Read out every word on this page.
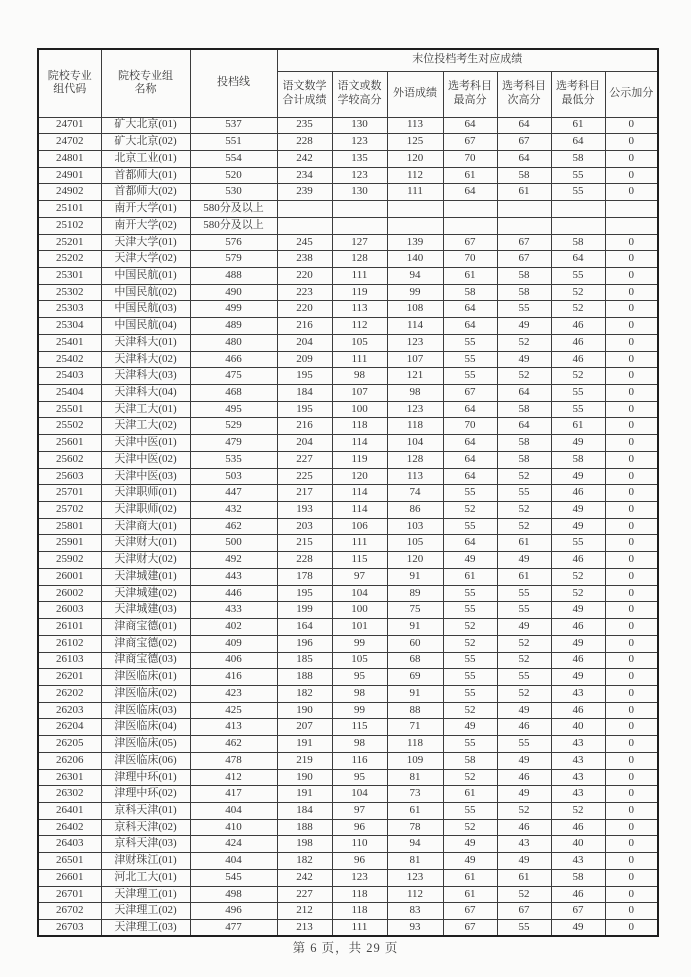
院校专业组代码	院校专业组名称	投档线	末位投档考生对应成绩						
			语文数学合计成绩	语文或数学较高分	外语成绩	选考科目最高分	选考科目次高分	选考科目最低分	公示加分
24701	矿大北京(01)	537	235	130	113	64	64	61	0
24702	矿大北京(02)	551	228	123	125	67	67	64	0
24801	北京工业(01)	554	242	135	120	70	64	58	0
24901	首都师大(01)	520	234	123	112	61	58	55	0
24902	首都师大(02)	530	239	130	111	64	61	55	0
25101	南开大学(01)	580分及以上							
25102	南开大学(02)	580分及以上							
25201	天津大学(01)	576	245	127	139	67	67	58	0
25202	天津大学(02)	579	238	128	140	70	67	64	0
25301	中国民航(01)	488	220	111	94	61	58	55	0
25302	中国民航(02)	490	223	119	99	58	58	52	0
25303	中国民航(03)	499	220	113	108	64	55	52	0
25304	中国民航(04)	489	216	112	114	64	49	46	0
25401	天津科大(01)	480	204	105	123	55	52	46	0
25402	天津科大(02)	466	209	111	107	55	49	46	0
25403	天津科大(03)	475	195	98	121	55	52	52	0
25404	天津科大(04)	468	184	107	98	67	64	55	0
25501	天津工大(01)	495	195	100	123	64	58	55	0
25502	天津工大(02)	529	216	118	118	70	64	61	0
25601	天津中医(01)	479	204	114	104	64	58	49	0
25602	天津中医(02)	535	227	119	128	64	58	58	0
25603	天津中医(03)	503	225	120	113	64	52	49	0
25701	天津职师(01)	447	217	114	74	55	55	46	0
25702	天津职师(02)	432	193	114	86	52	52	49	0
25801	天津商大(01)	462	203	106	103	55	52	49	0
25901	天津财大(01)	500	215	111	105	64	61	55	0
25902	天津财大(02)	492	228	115	120	49	49	46	0
26001	天津城建(01)	443	178	97	91	61	61	52	0
26002	天津城建(02)	446	195	104	89	55	55	52	0
26003	天津城建(03)	433	199	100	75	55	55	49	0
26101	津商宝德(01)	402	164	101	91	52	49	46	0
26102	津商宝德(02)	409	196	99	60	52	52	49	0
26103	津商宝德(03)	406	185	105	68	55	52	46	0
26201	津医临床(01)	416	188	95	69	55	55	49	0
26202	津医临床(02)	423	182	98	91	55	52	43	0
26203	津医临床(03)	425	190	99	88	52	49	46	0
26204	津医临床(04)	413	207	115	71	49	46	40	0
26205	津医临床(05)	462	191	98	118	55	55	43	0
26206	津医临床(06)	478	219	116	109	58	49	43	0
26301	津理中环(01)	412	190	95	81	52	46	43	0
26302	津理中环(02)	417	191	104	73	61	49	43	0
26401	京科天津(01)	404	184	97	61	55	52	52	0
26402	京科天津(02)	410	188	96	78	52	46	46	0
26403	京科天津(03)	424	198	110	94	49	43	40	0
26501	津财珠江(01)	404	182	96	81	49	49	43	0
26601	河北工大(01)	545	242	123	123	61	61	58	0
26701	天津理工(01)	498	227	118	112	61	52	46	0
26702	天津理工(02)	496	212	118	83	67	67	67	0
26703	天津理工(03)	477	213	111	93	67	55	49	0
第 6 页，共 29 页
